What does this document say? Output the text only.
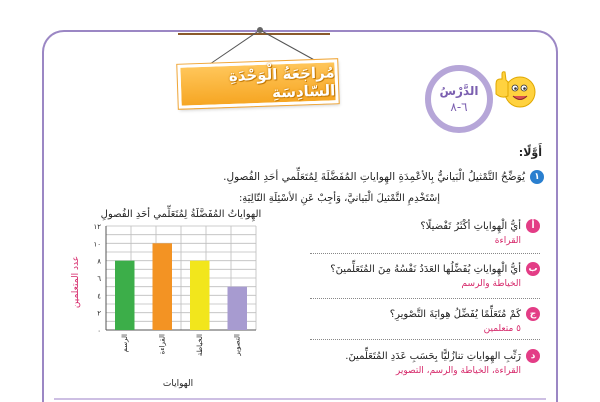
مُراجَعَةُ الْوَحْدَةِ السّادِسَةِ	الدَّرْسُ
٦-٨
أَوَّلًا:
١
يُوَضِّحُ التَّمْثيلُ الْبَيانيُّ بِالأعْمِدَةِ الهِواياتِ المُفَضَّلَةَ لِمُتَعَلِّمي أحَدِ الفُصولِ.
إسْتَخْدِمِ التَّمْثيلَ الْبَيانيَّ، وَأجِبْ عَنِ الأسْئِلَةِ التّالِيَةِ:
أ
أيُّ الْهِواياتِ أكْثَرُ تَفْضيلًا؟
القراءة
ب
أيُّ الْهِواياتِ يُفَضِّلُها العَدَدُ نَفْسُهُ مِنَ المُتَعَلِّمينَ؟
الخياطة والرسم
ج
كَمْ مُتَعَلِّمًا يُفَضِّلُ هِوايَةَ التَّصْويرِ؟
٥ متعلمين
د
رَتِّبِ الهِواياتِ تنازُليًّا بِحَسَبِ عَدَدِ المُتَعَلِّمينَ.
القراءة، الخياطة والرسم، التصوير
الهِواياتُ المُفَضَّلَةُ لِمُتَعَلِّمي أحَدِ الفُصولِ
٠
٢
٤
٦
٨
١٠
١٢
الرسم	القراءة	الخياطة	التصوير
عدد المتعلمين
الهوايات
